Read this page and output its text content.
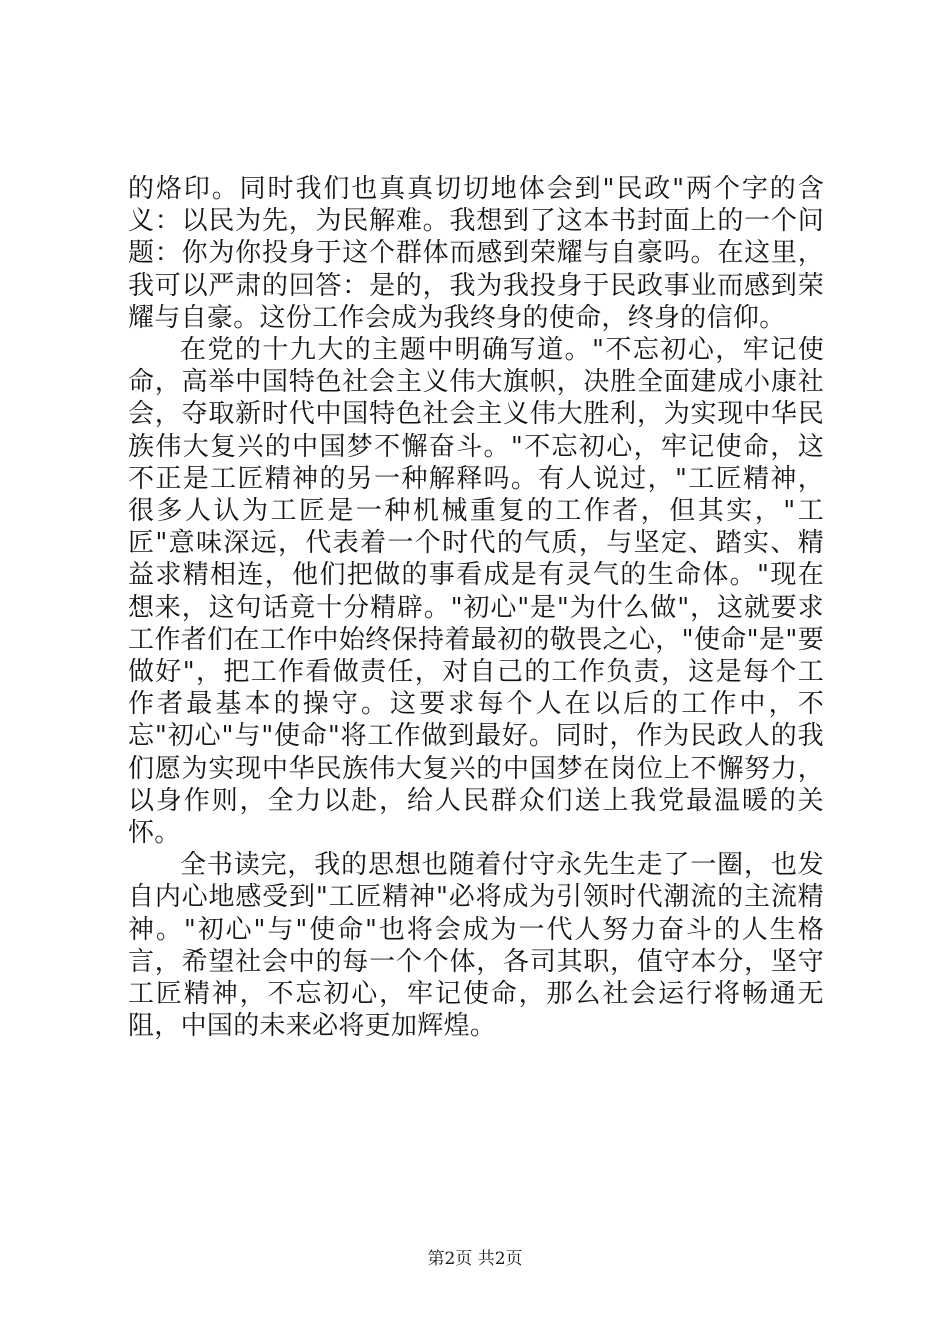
的烙印。同时我们也真真切切地体会到"民政"两个字的含义：以民为先，为民解难。我想到了这本书封面上的一个问题：你为你投身于这个群体而感到荣耀与自豪吗。在这里，我可以严肃的回答：是的，我为我投身于民政事业而感到荣耀与自豪。这份工作会成为我终身的使命，终身的信仰。

在党的十九大的主题中明确写道。"不忘初心，牢记使命，高举中国特色社会主义伟大旗帜，决胜全面建成小康社会，夺取新时代中国特色社会主义伟大胜利，为实现中华民族伟大复兴的中国梦不懈奋斗。"不忘初心，牢记使命，这不正是工匠精神的另一种解释吗。有人说过，"工匠精神，很多人认为工匠是一种机械重复的工作者，但其实，"工匠"意味深远，代表着一个时代的气质，与坚定、踏实、精益求精相连，他们把做的事看成是有灵气的生命体。"现在想来，这句话竟十分精辟。"初心"是"为什么做"，这就要求工作者们在工作中始终保持着最初的敬畏之心，"使命"是"要做好"，把工作看做责任，对自己的工作负责，这是每个工作者最基本的操守。这要求每个人在以后的工作中，不忘"初心"与"使命"将工作做到最好。同时，作为民政人的我们愿为实现中华民族伟大复兴的中国梦在岗位上不懈努力，以身作则，全力以赴，给人民群众们送上我党最温暖的关怀。

全书读完，我的思想也随着付守永先生走了一圈，也发自内心地感受到"工匠精神"必将成为引领时代潮流的主流精神。"初心"与"使命"也将会成为一代人努力奋斗的人生格言，希望社会中的每一个个体，各司其职，值守本分，坚守工匠精神，不忘初心，牢记使命，那么社会运行将畅通无阻，中国的未来必将更加辉煌。

第2页 共2页
